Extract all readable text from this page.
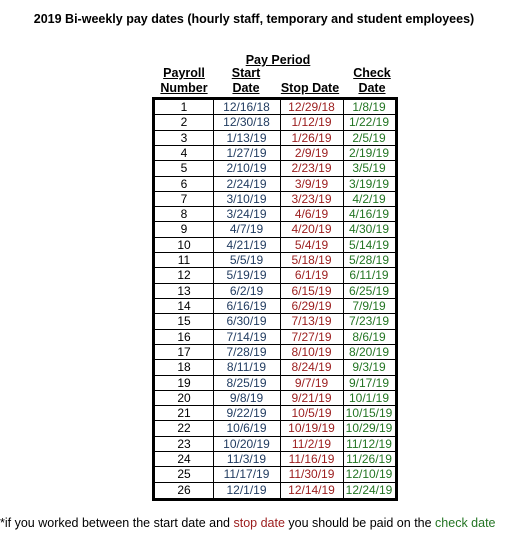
2019 Bi-weekly pay dates (hourly staff, temporary and student employees)
Pay Period
Payroll
Number
Start
Date	Stop Date
Check
Date
1	12/16/18	12/29/18	1/8/19
2	12/30/18	1/12/19	1/22/19
3	1/13/19	1/26/19	2/5/19
4	1/27/19	2/9/19	2/19/19
5	2/10/19	2/23/19	3/5/19
6	2/24/19	3/9/19	3/19/19
7	3/10/19	3/23/19	4/2/19
8	3/24/19	4/6/19	4/16/19
9	4/7/19	4/20/19	4/30/19
10	4/21/19	5/4/19	5/14/19
11	5/5/19	5/18/19	5/28/19
12	5/19/19	6/1/19	6/11/19
13	6/2/19	6/15/19	6/25/19
14	6/16/19	6/29/19	7/9/19
15	6/30/19	7/13/19	7/23/19
16	7/14/19	7/27/19	8/6/19
17	7/28/19	8/10/19	8/20/19
18	8/11/19	8/24/19	9/3/19
19	8/25/19	9/7/19	9/17/19
20	9/8/19	9/21/19	10/1/19
21	9/22/19	10/5/19	10/15/19
22	10/6/19	10/19/19 10/29/19
23	10/20/19	11/2/19	11/12/19
24	11/3/19	11/16/19 11/26/19
25	11/17/19	11/30/19 12/10/19
26	12/1/19	12/14/19 12/24/19
*if you worked between the start date and stop date you should be paid on the check date
